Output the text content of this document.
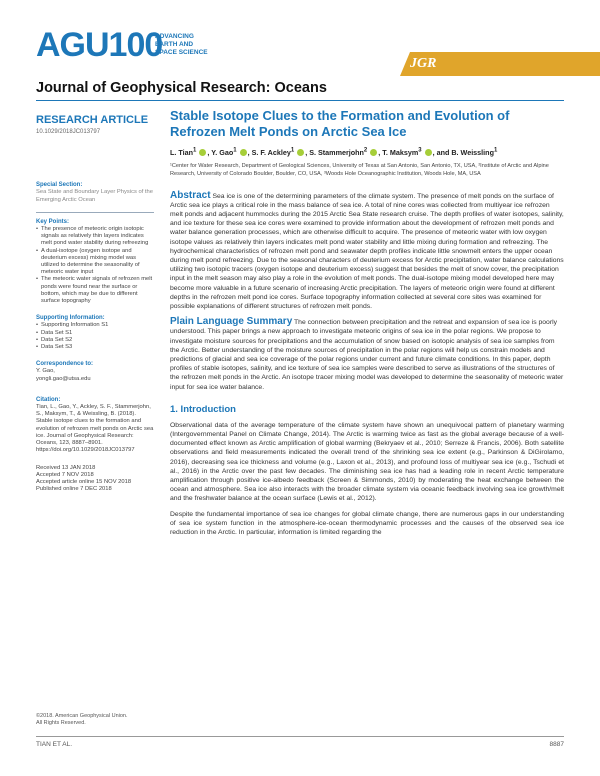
AGU100
ADVANCING EARTH AND SPACE SCIENCE
JGR
Journal of Geophysical Research: Oceans
RESEARCH ARTICLE
10.1029/2018JC013797
Special Section:
Sea State and Boundary Layer Physics of the Emerging Arctic Ocean
Key Points:
• The presence of meteoric origin isotopic signals as relatively thin layers indicates melt pond water stability during refreezing
• A dual-isotope (oxygen isotope and deuterium excess) mixing model was utilized to determine the seasonality of meteoric water input
• The meteoric water signals of refrozen melt ponds were found near the surface or bottom, which may be due to different surface topography
Supporting Information:
• Supporting Information S1
• Data Set S1
• Data Set S2
• Data Set S3
Correspondence to:
Y. Gao,
yongli.gao@utsa.edu
Citation:
Tian, L., Gao, Y., Ackley, S. F., Stammerjohn, S., Maksym, T., & Weissling, B. (2018). Stable isotope clues to the formation and evolution of refrozen melt ponds on Arctic sea ice. Journal of Geophysical Research: Oceans, 123, 8887–8901. https://doi.org/10.1029/2018JC013797
Received 13 JAN 2018
Accepted 7 NOV 2018
Accepted article online 15 NOV 2018
Published online 7 DEC 2018
©2018. American Geophysical Union.
All Rights Reserved.
Stable Isotope Clues to the Formation and Evolution of Refrozen Melt Ponds on Arctic Sea Ice
L. Tian$^1$ , Y. Gao$^1$ , S. F. Ackley$^1$ , S. Stammerjohn$^2$ , T. Maksym$^3$ , and B. Weissling$^1$
¹Center for Water Research, Department of Geological Sciences, University of Texas at San Antonio, San Antonio, TX, USA, ²Institute of Arctic and Alpine Research, University of Colorado Boulder, Boulder, CO, USA, ³Woods Hole Oceanographic Institution, Woods Hole, MA, USA
Abstract Sea ice is one of the determining parameters of the climate system. The presence of melt ponds on the surface of Arctic sea ice plays a critical role in the mass balance of sea ice. A total of nine cores was collected from multiyear ice refrozen melt ponds and adjacent hummocks during the 2015 Arctic Sea State research cruise. The depth profiles of water isotopes, salinity, and ice texture for these sea ice cores were examined to provide information about the development of refrozen melt ponds and water balance generation processes, which are otherwise difficult to acquire. The presence of meteoric water with low oxygen isotope values as relatively thin layers indicates melt pond water stability and little mixing during formation and refreezing. The hydrochemical characteristics of refrozen melt pond and seawater depth profiles indicate little snowmelt enters the upper ocean during melt pond refreezing. Due to the seasonal characters of deuterium excess for Arctic precipitation, water balance calculations utilizing two isotopic tracers (oxygen isotope and deuterium excess) suggest that besides the melt of snow cover, the precipitation input in the melt season may also play a role in the evolution of melt ponds. The dual-isotope mixing model developed here may become more valuable in a future scenario of increasing Arctic precipitation. The layers of meteoric origin were found at different depths in the refrozen melt pond ice cores. Surface topography information collected at several core sites was examined for possible explanations of different structures of refrozen melt ponds.
Plain Language Summary The connection between precipitation and the retreat and expansion of sea ice is poorly understood. This paper brings a new approach to investigate meteoric origins of sea ice in the polar regions. We propose to investigate moisture sources for precipitations and the accumulation of snow based on isotopic analysis of sea ice samples from the Arctic. Better understanding of the moisture sources of precipitation in the polar regions will help us constrain models and predictions of glacial and sea ice coverage of the polar regions under current and future climate conditions. In this paper, depth profiles of stable isotopes, salinity, and ice texture of sea ice samples were described to serve as illustrations of the structures of the refrozen melt ponds in the Arctic. An isotope tracer mixing model was developed to determine the seasonality of meteoric water input for sea ice water balance.
1. Introduction

Observational data of the average temperature of the climate system have shown an unequivocal pattern of planetary warming (Intergovernmental Panel on Climate Change, 2014). The Arctic is warming twice as fast as the global average because of a well-documented effect known as Arctic amplification of global warming (Bekryaev et al., 2010; Serreze & Francis, 2006). Both satellite observations and field measurements indicated the overall trend of the shrinking sea ice extent (e.g., Parkinson & DiGirolamo, 2016), decreasing sea ice thickness and volume (e.g., Laxon et al., 2013), and profound loss of multiyear sea ice (e.g., Tschudi et al., 2016) in the Arctic over the past few decades. The diminishing sea ice has had a leading role in recent Arctic temperature amplification through positive ice-albedo feedback (Screen & Simmonds, 2010) by moderating the heat exchange between the ocean and atmosphere. Sea ice also interacts with the broader climate system via oceanic feedback involving sea ice growth/melt and the freshwater balance at the ocean surface (Lewis et al., 2012).

Despite the fundamental importance of sea ice changes for global climate change, there are numerous gaps in our understanding of sea ice system function in the atmosphere-ice-ocean thermodynamic processes and the causes of the observed sea ice reduction in the Arctic. In particular, information is limited regarding the

TIAN ET AL.	8887
